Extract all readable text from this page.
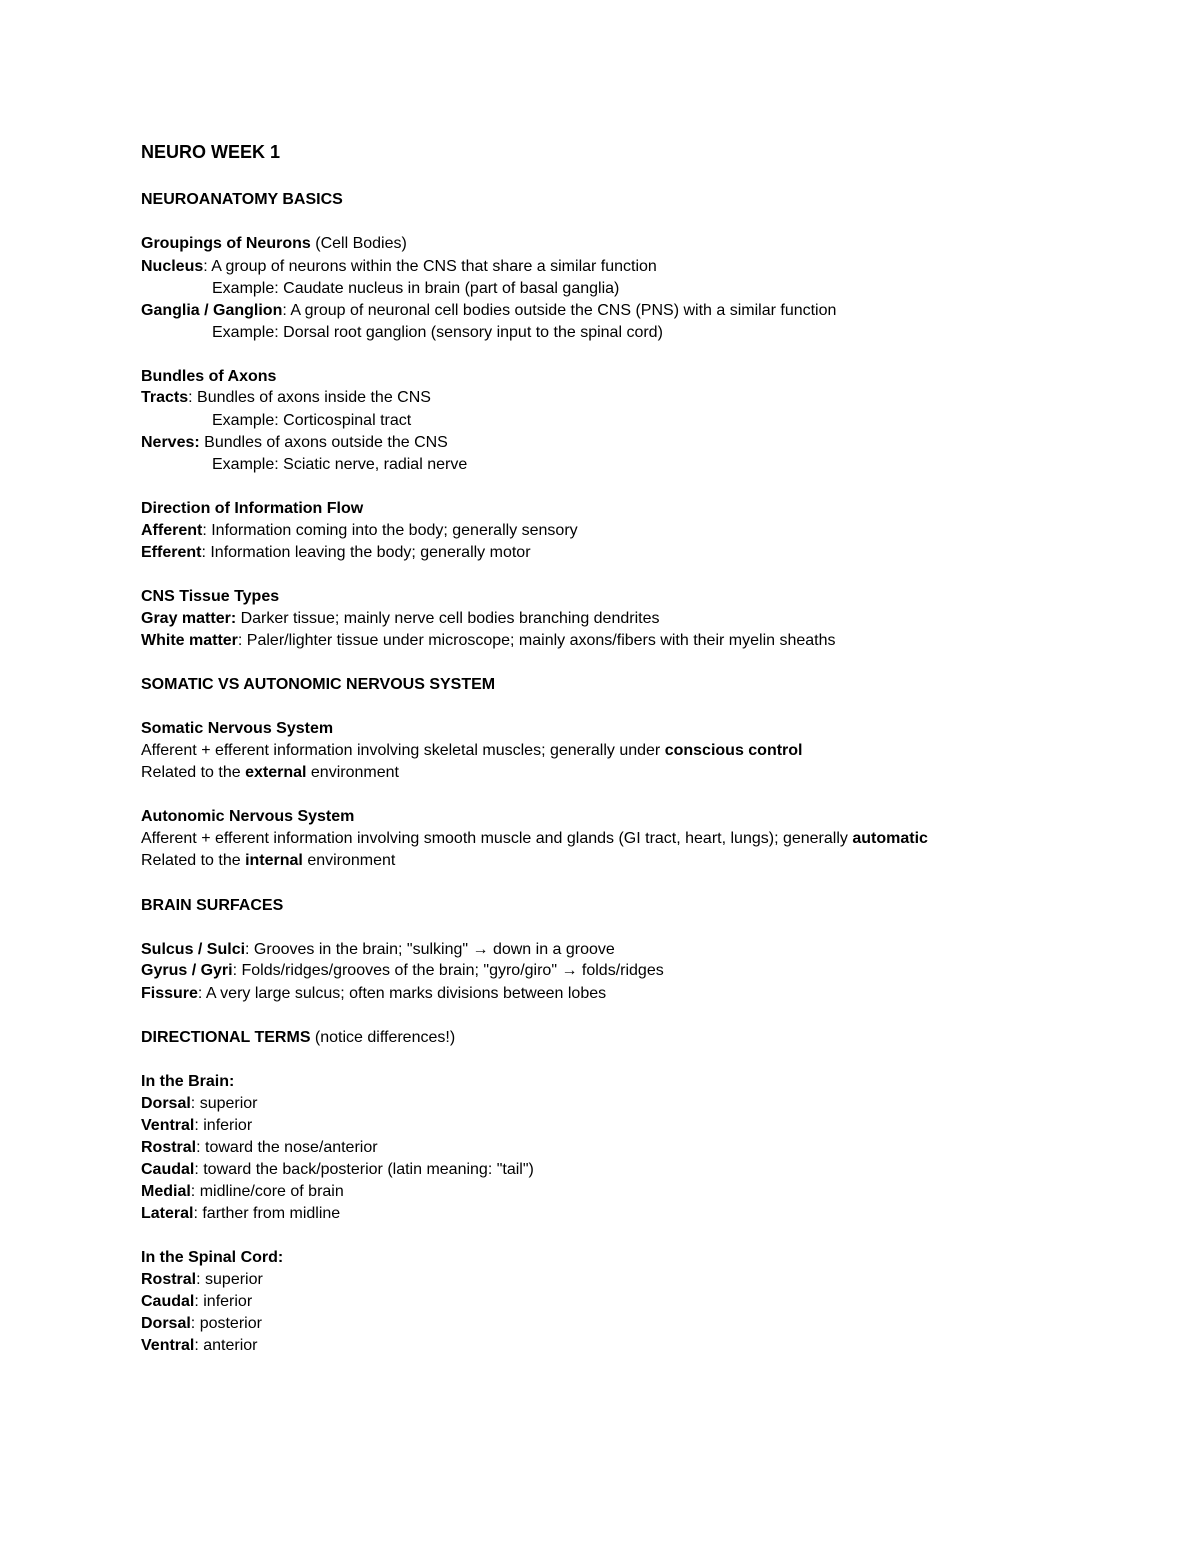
NEURO WEEK 1
NEUROANATOMY BASICS
Groupings of Neurons (Cell Bodies)
Nucleus: A group of neurons within the CNS that share a similar function
Example: Caudate nucleus in brain (part of basal ganglia)
Ganglia / Ganglion: A group of neuronal cell bodies outside the CNS (PNS) with a similar function
Example: Dorsal root ganglion (sensory input to the spinal cord)
Bundles of Axons
Tracts: Bundles of axons inside the CNS
Example: Corticospinal tract
Nerves: Bundles of axons outside the CNS
Example: Sciatic nerve, radial nerve
Direction of Information Flow
Afferent: Information coming into the body; generally sensory
Efferent: Information leaving the body; generally motor
CNS Tissue Types
Gray matter: Darker tissue; mainly nerve cell bodies branching dendrites
White matter: Paler/lighter tissue under microscope; mainly axons/fibers with their myelin sheaths
SOMATIC VS AUTONOMIC NERVOUS SYSTEM
Somatic Nervous System
Afferent + efferent information involving skeletal muscles; generally under conscious control
Related to the external environment
Autonomic Nervous System
Afferent + efferent information involving smooth muscle and glands (GI tract, heart, lungs); generally automatic
Related to the internal environment
BRAIN SURFACES
Sulcus / Sulci: Grooves in the brain; "sulking" → down in a groove
Gyrus / Gyri: Folds/ridges/grooves of the brain; "gyro/giro" → folds/ridges
Fissure: A very large sulcus; often marks divisions between lobes
DIRECTIONAL TERMS (notice differences!)
In the Brain:
Dorsal: superior
Ventral: inferior
Rostral: toward the nose/anterior
Caudal: toward the back/posterior (latin meaning: "tail")
Medial: midline/core of brain
Lateral: farther from midline
In the Spinal Cord:
Rostral: superior
Caudal: inferior
Dorsal: posterior
Ventral: anterior
